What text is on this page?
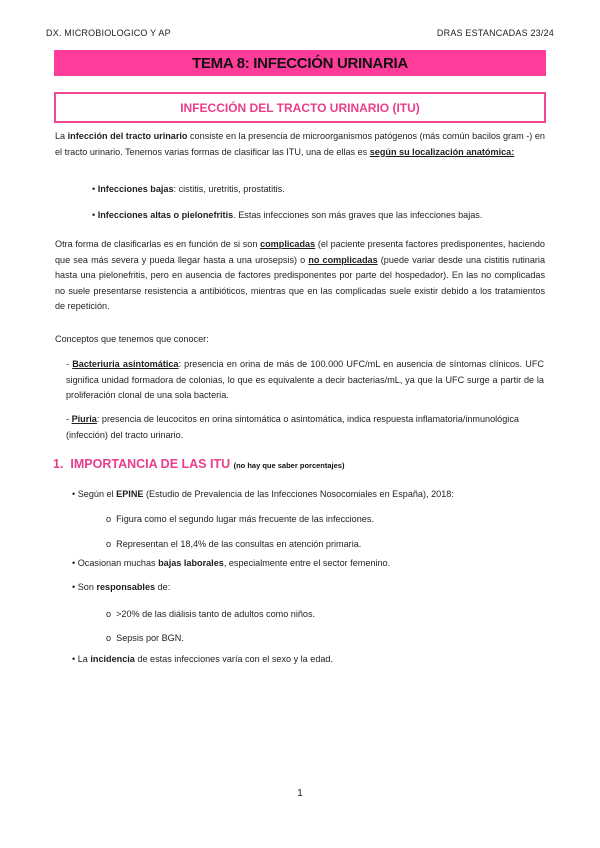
DX. MICROBIOLOGICO Y AP	DRAS ESTANCADAS 23/24
TEMA 8: INFECCIÓN URINARIA
INFECCIÓN DEL TRACTO URINARIO (ITU)
La infección del tracto urinario consiste en la presencia de microorganismos patógenos (más común bacilos gram -) en el tracto urinario. Tenemos varias formas de clasificar las ITU, una de ellas es según su localización anatómica:
• Infecciones bajas: cistitis, uretritis, prostatitis.
• Infecciones altas o pielonefritis. Estas infecciones son más graves que las infecciones bajas.
Otra forma de clasificarlas es en función de si son complicadas (el paciente presenta factores predisponentes, haciendo que sea más severa y pueda llegar hasta a una urosepsis) o no complicadas (puede variar desde una cistitis rutinaria hasta una pielonefritis, pero en ausencia de factores predisponentes por parte del hospedador). En las no complicadas no suele presentarse resistencia a antibióticos, mientras que en las complicadas suele existir debido a los tratamientos de repetición.
Conceptos que tenemos que conocer:
- Bacteriuria asintomática: presencia en orina de más de 100.000 UFC/mL en ausencia de síntomas clínicos. UFC significa unidad formadora de colonias, lo que es equivalente a decir bacterias/mL, ya que la UFC surge a partir de la proliferación clonal de una sola bacteria.
- Piuria: presencia de leucocitos en orina sintomática o asintomática, indica respuesta inflamatoria/inmunológica (infección) del tracto urinario.
1. IMPORTANCIA DE LAS ITU (no hay que saber porcentajes)
• Según el EPINE (Estudio de Prevalencia de las Infecciones Nosocomiales en España), 2018:
o Figura como el segundo lugar más frecuente de las infecciones.
o Representan el 18,4% de las consultas en atención primaria.
• Ocasionan muchas bajas laborales, especialmente entre el sector femenino.
• Son responsables de:
o >20% de las diálisis tanto de adultos como niños.
o Sepsis por BGN.
• La incidencia de estas infecciones varía con el sexo y la edad.
1
